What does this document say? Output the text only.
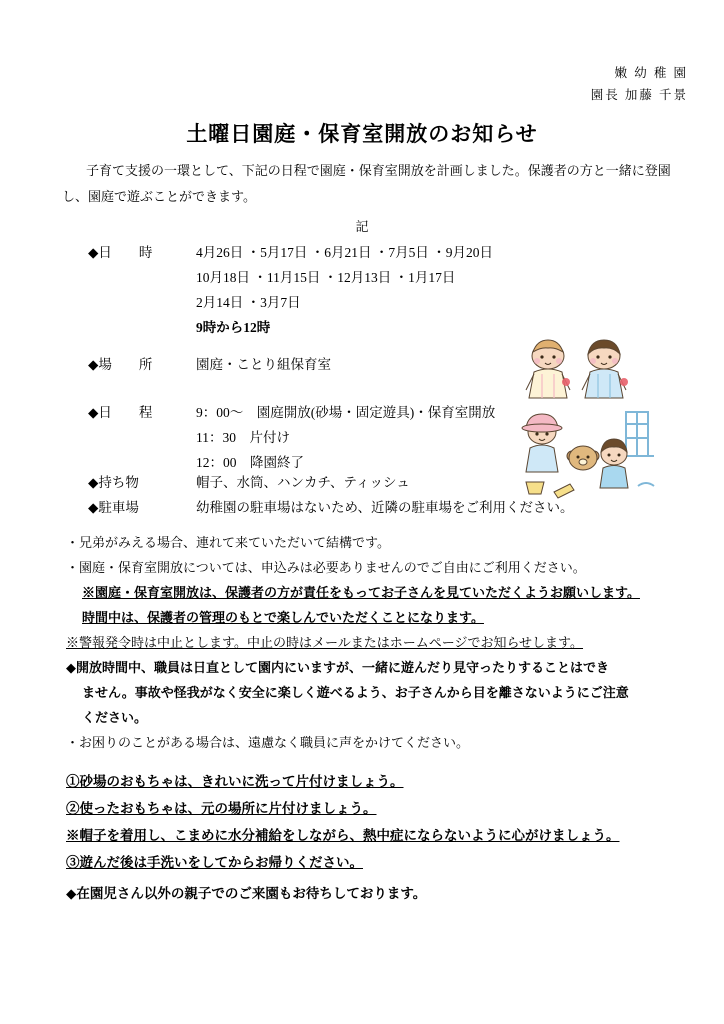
嫩 幼 稚 園
園長 加藤 千景
土曜日園庭・保育室開放のお知らせ
子育て支援の一環として、下記の日程で園庭・保育室開放を計画しました。保護者の方と一緒に登園
し、園庭で遊ぶことができます。
記
◆日　　時	4月26日 ・5月17日 ・6月21日 ・7月5日 ・9月20日
10月18日 ・11月15日 ・12月13日 ・1月17日
2月14日 ・3月7日
9時から12時
◆場　　所	園庭・ことり組保育室
◆日　　程	9：00～　園庭開放(砂場・固定遊具)・保育室開放
11：30　片付け
12：00　降園終了
◆持ち物	帽子、水筒、ハンカチ、ティッシュ
◆駐車場	幼稚園の駐車場はないため、近隣の駐車場をご利用ください。

・兄弟がみえる場合、連れて来ていただいて結構です。

・園庭・保育室開放については、申込みは必要ありませんのでご自由にご利用ください。

※園庭・保育室開放は、保護者の方が責任をもってお子さんを見ていただくようお願いします。

時間中は、保護者の管理のもとで楽しんでいただくことになります。

※警報発令時は中止とします。中止の時はメールまたはホームページでお知らせします。

◆開放時間中、職員は日直として園内にいますが、一緒に遊んだり見守ったりすることはでき

ません。事故や怪我がなく安全に楽しく遊べるよう、お子さんから目を離さないようにご注意

ください。

・お困りのことがある場合は、遠慮なく職員に声をかけてください。

①砂場のおもちゃは、きれいに洗って片付けましょう。

②使ったおもちゃは、元の場所に片付けましょう。

※帽子を着用し、こまめに水分補給をしながら、熱中症にならないように心がけましょう。

③遊んだ後は手洗いをしてからお帰りください。

◆在園児さん以外の親子でのご来園もお待ちしております。
